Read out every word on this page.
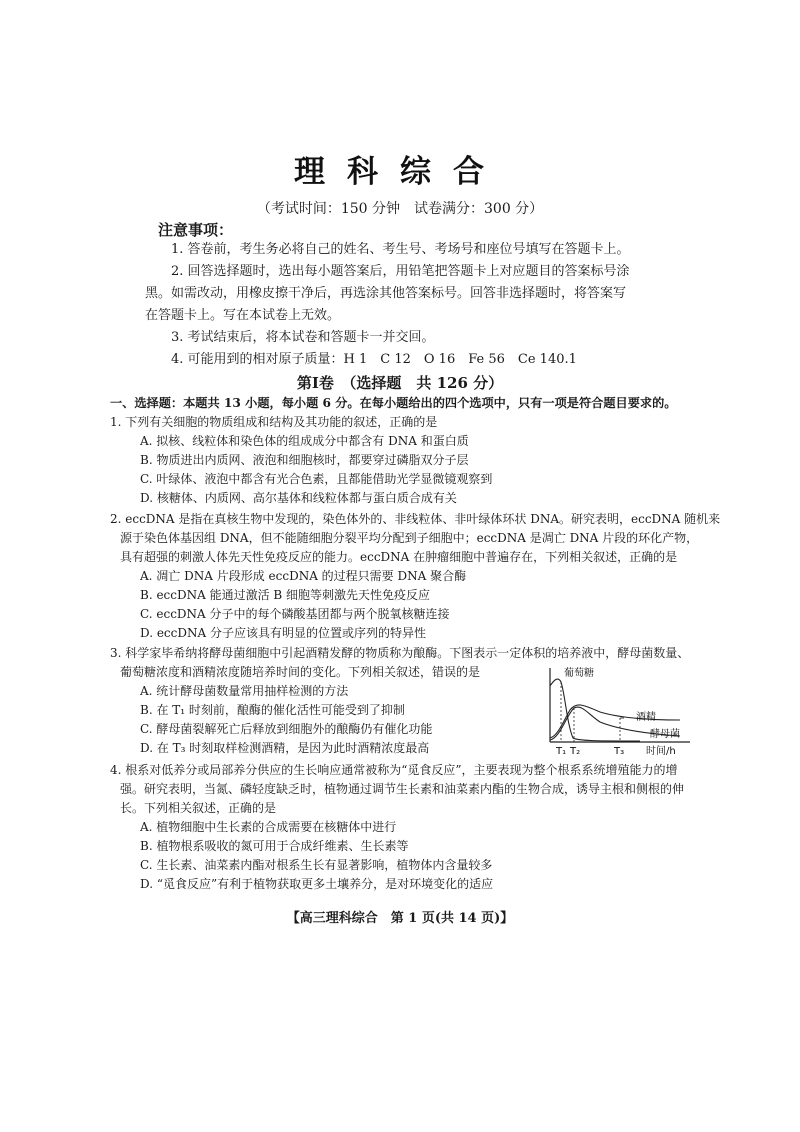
理科综合
（考试时间：150 分钟　试卷满分：300 分）
注意事项：

1. 答卷前，考生务必将自己的姓名、考生号、考场号和座位号填写在答题卡上。

2. 回答选择题时，选出每小题答案后，用铅笔把答题卡上对应题目的答案标号涂黑。如需改动，用橡皮擦干净后，再选涂其他答案标号。回答非选择题时，将答案写在答题卡上。写在本试卷上无效。

3. 考试结束后，将本试卷和答题卡一并交回。

4. 可能用到的相对原子质量：H 1　C 12　O 16　Fe 56　Ce 140.1

第Ⅰ卷　（选择题　共 126 分）
一、选择题：本题共 13 小题，每小题 6 分。在每小题给出的四个选项中，只有一项是符合题目要求的。

1. 下列有关细胞的物质组成和结构及其功能的叙述，正确的是

A. 拟核、线粒体和染色体的组成成分中都含有 DNA 和蛋白质

B. 物质进出内质网、液泡和细胞核时，都要穿过磷脂双分子层

C. 叶绿体、液泡中都含有光合色素，且都能借助光学显微镜观察到

D. 核糖体、内质网、高尔基体和线粒体都与蛋白质合成有关

2. eccDNA 是指在真核生物中发现的，染色体外的、非线粒体、非叶绿体环状 DNA。研究表明，eccDNA 随机来

源于染色体基因组 DNA，但不能随细胞分裂平均分配到子细胞中；eccDNA 是凋亡 DNA 片段的环化产物，

具有超强的刺激人体先天性免疫反应的能力。eccDNA 在肿瘤细胞中普遍存在，下列相关叙述，正确的是

A. 凋亡 DNA 片段形成 eccDNA 的过程只需要 DNA 聚合酶

B. eccDNA 能通过激活 B 细胞等刺激先天性免疫反应

C. eccDNA 分子中的每个磷酸基团都与两个脱氧核糖连接

D. eccDNA 分子应该具有明显的位置或序列的特异性

3. 科学家毕希纳将酵母菌细胞中引起酒精发酵的物质称为酿酶。下图表示一定体积的培养液中，酵母菌数量、

葡萄糖浓度和酒精浓度随培养时间的变化。下列相关叙述，错误的是

A. 统计酵母菌数量常用抽样检测的方法

B. 在 T₁ 时刻前，酿酶的催化活性可能受到了抑制

C. 酵母菌裂解死亡后释放到细胞外的酿酶仍有催化功能

D. 在 T₃ 时刻取样检测酒精，是因为此时酒精浓度最高

葡萄糖
酒精
酵母菌
T₁ T₂	T₃ 时间/h

4. 根系对低养分或局部养分供应的生长响应通常被称为“觅食反应”，主要表现为整个根系系统增殖能力的增

强。研究表明，当氮、磷轻度缺乏时，植物通过调节生长素和油菜素内酯的生物合成，诱导主根和侧根的伸

长。下列相关叙述，正确的是

A. 植物细胞中生长素的合成需要在核糖体中进行

B. 植物根系吸收的氮可用于合成纤维素、生长素等

C. 生长素、油菜素内酯对根系生长有显著影响，植物体内含量较多

D. “觅食反应”有利于植物获取更多土壤养分，是对环境变化的适应

【高三理科综合　第 1 页(共 14 页)】
